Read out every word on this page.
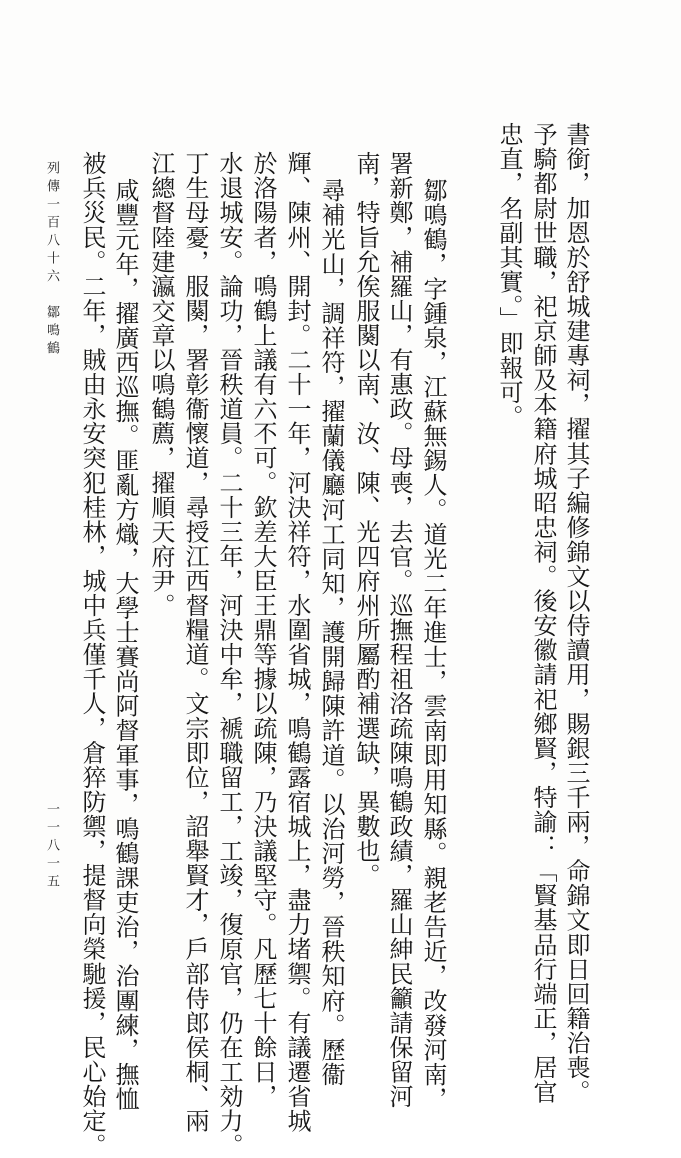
書銜，加恩於舒城建專祠，擢其子編修錦文以侍讀用，賜銀三千兩，命錦文即日回籍治喪。

予騎都尉世職，祀京師及本籍府城昭忠祠。後安徽請祀鄉賢，特諭：「賢基品行端正，居官

忠直，名副其實。」即報可。

鄒鳴鶴，字鍾泉，江蘇無錫人。道光二年進士，雲南即用知縣。親老告近，改發河南，

署新鄭，補羅山，有惠政。母喪，去官。巡撫程祖洛疏陳鳴鶴政績，羅山紳民籲請保留河

南，特旨允俟服闋以南、汝、陳、光四府州所屬酌補選缺，異數也。

尋補光山，調祥符，擢蘭儀廳河工同知，護開歸陳許道。以治河勞，晉秩知府。歷衞

輝、陳州、開封。二十一年，河決祥符，水圍省城，鳴鶴露宿城上，盡力堵禦。有議遷省城

於洛陽者，鳴鶴上議有六不可。欽差大臣王鼎等據以疏陳，乃決議堅守。凡歷七十餘日，

水退城安。論功，晉秩道員。二十三年，河決中牟，褫職留工，工竣，復原官，仍在工効力。

丁生母憂，服闋，署彰衞懷道，尋授江西督糧道。文宗即位，詔舉賢才，戶部侍郎侯桐、兩

江總督陸建瀛交章以鳴鶴薦，擢順天府尹。

咸豐元年，擢廣西巡撫。匪亂方熾，大學士賽尚阿督軍事，鳴鶴課吏治，治團練，撫恤

被兵災民。二年，賊由永安突犯桂林，城中兵僅千人，倉猝防禦，提督向榮馳援，民心始定。

列傳一百八十六　鄒鳴鶴
一一八一五
